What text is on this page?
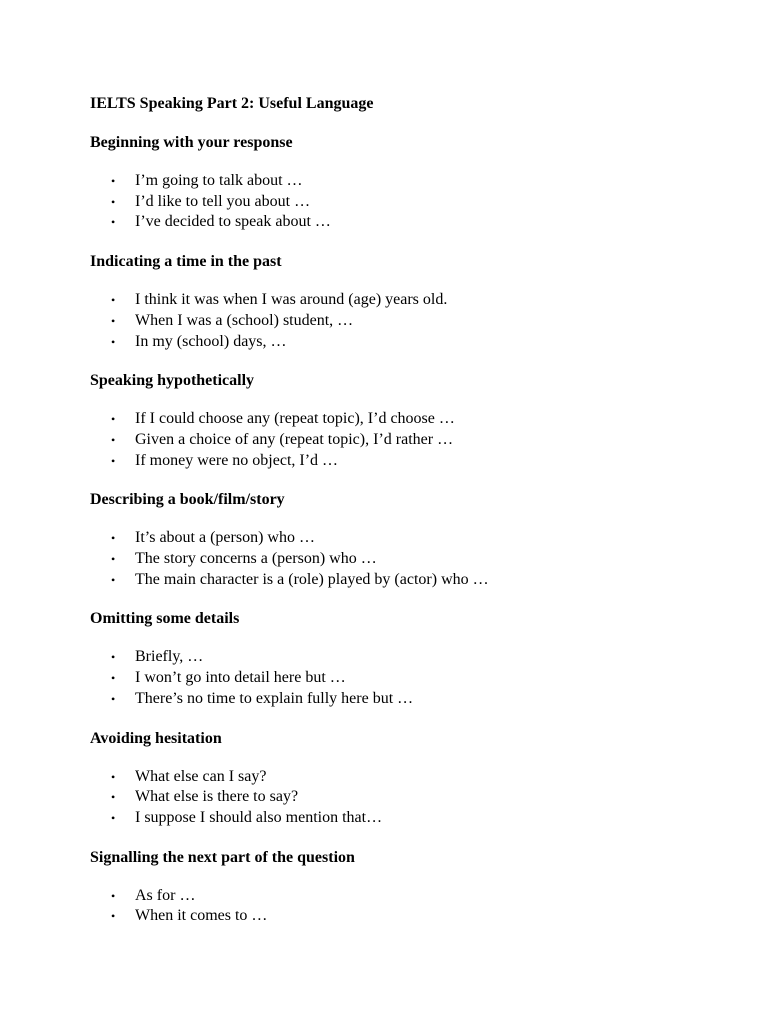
IELTS Speaking Part 2: Useful Language
Beginning with your response
• I’m going to talk about …
• I’d like to tell you about …
• I’ve decided to speak about …
Indicating a time in the past
• I think it was when I was around (age) years old.
• When I was a (school) student, …
• In my (school) days, …
Speaking hypothetically
• If I could choose any (repeat topic), I’d choose …
• Given a choice of any (repeat topic), I’d rather …
• If money were no object, I’d …
Describing a book/film/story
• It’s about a (person) who …
• The story concerns a (person) who …
• The main character is a (role) played by (actor) who …
Omitting some details
• Briefly, …
• I won’t go into detail here but …
• There’s no time to explain fully here but …
Avoiding hesitation
• What else can I say?
• What else is there to say?
• I suppose I should also mention that…
Signalling the next part of the question
• As for …
• When it comes to …
